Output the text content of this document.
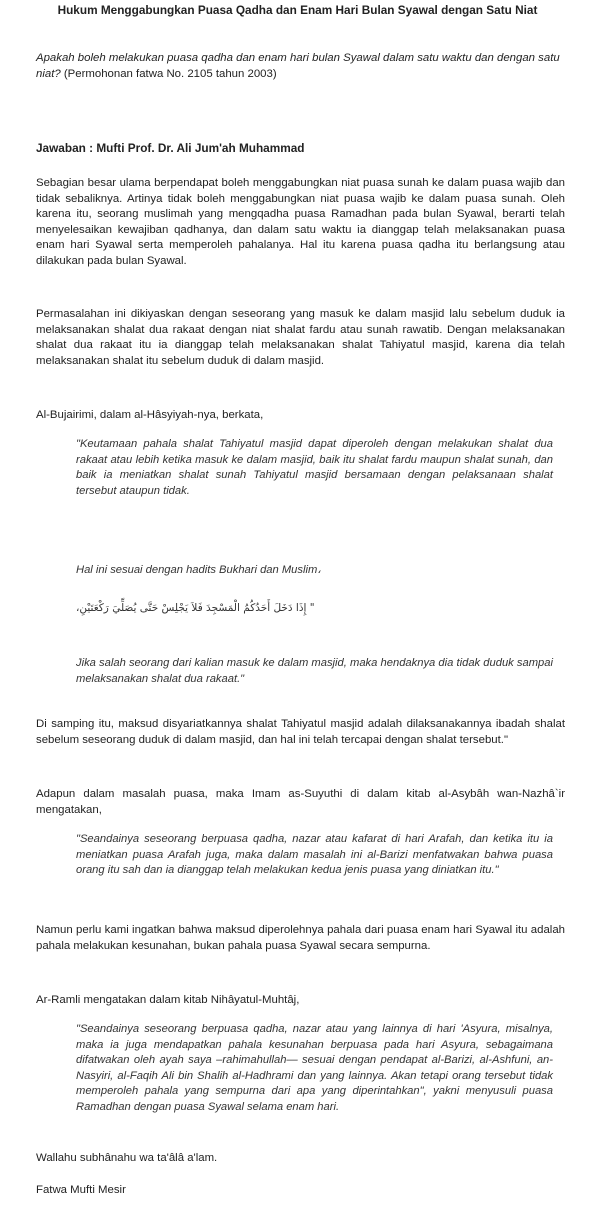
Hukum Menggabungkan Puasa Qadha dan Enam Hari Bulan Syawal dengan Satu Niat

Apakah boleh melakukan puasa qadha dan enam hari bulan Syawal dalam satu waktu dan dengan satu niat? (Permohonan fatwa No. 2105 tahun 2003)

Jawaban : Mufti Prof. Dr. Ali Jum'ah Muhammad

Sebagian besar ulama berpendapat boleh menggabungkan niat puasa sunah ke dalam puasa wajib dan tidak sebaliknya. Artinya tidak boleh menggabungkan niat puasa wajib ke dalam puasa sunah. Oleh karena itu, seorang muslimah yang mengqadha puasa Ramadhan pada bulan Syawal, berarti telah menyelesaikan kewajiban qadhanya, dan dalam satu waktu ia dianggap telah melaksanakan puasa enam hari Syawal serta memperoleh pahalanya. Hal itu karena puasa qadha itu berlangsung atau dilakukan pada bulan Syawal.

Permasalahan ini dikiyaskan dengan seseorang yang masuk ke dalam masjid lalu sebelum duduk ia melaksanakan shalat dua rakaat dengan niat shalat fardu atau sunah rawatib. Dengan melaksanakan shalat dua rakaat itu ia dianggap telah melaksanakan shalat Tahiyatul masjid, karena dia telah melaksanakan shalat itu sebelum duduk di dalam masjid.

Al-Bujairimi, dalam al-Hâsyiyah-nya, berkata,

"Keutamaan pahala shalat Tahiyatul masjid dapat diperoleh dengan melakukan shalat dua rakaat atau lebih ketika masuk ke dalam masjid, baik itu shalat fardu maupun shalat sunah, dan baik ia meniatkan shalat sunah Tahiyatul masjid bersamaan dengan pelaksanaan shalat tersebut ataupun tidak.

Hal ini sesuai dengan hadits Bukhari dan Muslim،

" إِذَا دَخَلَ أَحَدُكُمُ الْمَسْجِدَ فَلاَ يَجْلِسْ حَتَّى يُصَلِّيَ رَكْعَتَيْنِ،

Jika salah seorang dari kalian masuk ke dalam masjid, maka hendaknya dia tidak duduk sampai melaksanakan shalat dua rakaat."

Di samping itu, maksud disyariatkannya shalat Tahiyatul masjid adalah dilaksanakannya ibadah shalat sebelum seseorang duduk di dalam masjid, dan hal ini telah tercapai dengan shalat tersebut."

Adapun dalam masalah puasa, maka Imam as-Suyuthi di dalam kitab al-Asybâh wan-Nazhâ`ir mengatakan,

"Seandainya seseorang berpuasa qadha, nazar atau kafarat di hari Arafah, dan ketika itu ia meniatkan puasa Arafah juga, maka dalam masalah ini al-Barizi menfatwakan bahwa puasa orang itu sah dan ia dianggap telah melakukan kedua jenis puasa yang diniatkan itu."

Namun perlu kami ingatkan bahwa maksud diperolehnya pahala dari puasa enam hari Syawal itu adalah pahala melakukan kesunahan, bukan pahala puasa Syawal secara sempurna.

Ar-Ramli mengatakan dalam kitab Nihâyatul-Muhtâj,

"Seandainya seseorang berpuasa qadha, nazar atau yang lainnya di hari 'Asyura, misalnya, maka ia juga mendapatkan pahala kesunahan berpuasa pada hari Asyura, sebagaimana difatwakan oleh ayah saya –rahimahullah— sesuai dengan pendapat al-Barizi, al-Ashfuni, an-Nasyiri, al-Faqih Ali bin Shalih al-Hadhrami dan yang lainnya. Akan tetapi orang tersebut tidak memperoleh pahala yang sempurna dari apa yang diperintahkan", yakni menyusuli puasa Ramadhan dengan puasa Syawal selama enam hari.

Wallahu subhânahu wa ta'âlâ a'lam.

Fatwa Mufti Mesir
